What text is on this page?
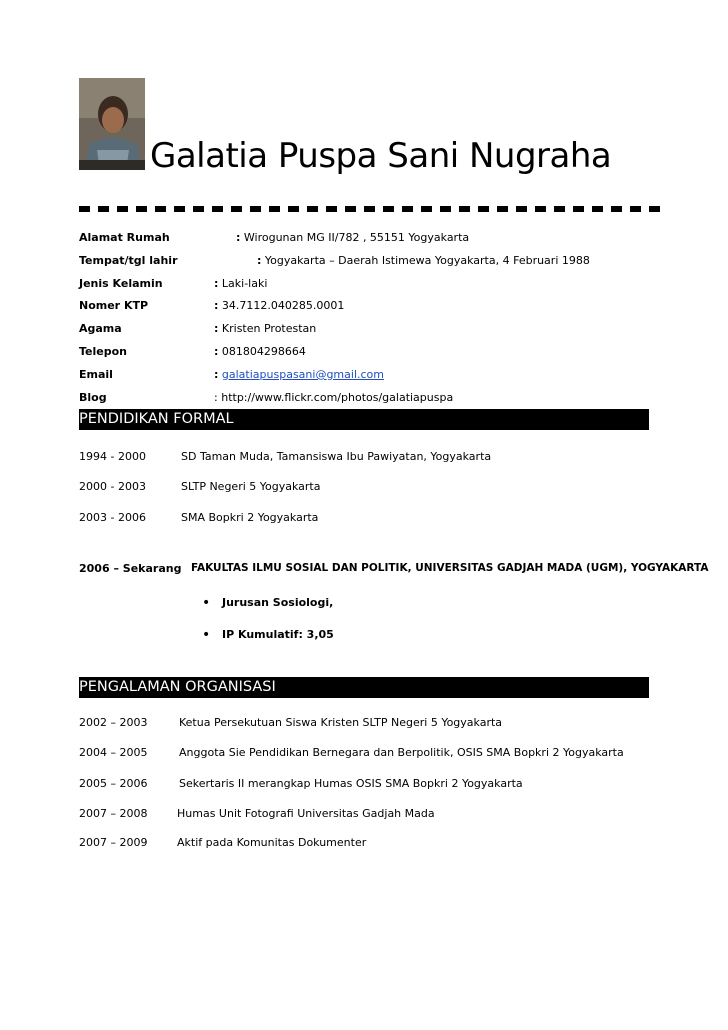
Galatia Puspa Sani Nugraha
Alamat Rumah	: Wirogunan MG II/782 , 55151 Yogyakarta
Tempat/tgl lahir	: Yogyakarta – Daerah Istimewa Yogyakarta, 4 Februari 1988
Jenis Kelamin	: Laki-laki
Nomer KTP	: 34.7112.040285.0001
Agama	: Kristen Protestan
Telepon	: 081804298664
Email	: galatiapuspasani@gmail.com
Blog	: http://www.flickr.com/photos/galatiapuspa
PENDIDIKAN FORMAL
1994 - 2000	SD Taman Muda, Tamansiswa Ibu Pawiyatan, Yogyakarta
2000 - 2003	SLTP Negeri 5 Yogyakarta
2003 - 2006	SMA Bopkri 2 Yogyakarta
2006 – Sekarang FAKULTAS ILMU SOSIAL DAN POLITIK, UNIVERSITAS GADJAH MADA (UGM), YOGYAKARTA
• Jurusan Sosiologi,
• IP Kumulatif: 3,05
PENGALAMAN ORGANISASI
2002 – 2003	Ketua Persekutuan Siswa Kristen SLTP Negeri 5 Yogyakarta
2004 – 2005	Anggota Sie Pendidikan Bernegara dan Berpolitik, OSIS SMA Bopkri 2 Yogyakarta
2005 – 2006	Sekertaris II merangkap Humas OSIS SMA Bopkri 2 Yogyakarta
2007 – 2008	Humas Unit Fotografi Universitas Gadjah Mada
2007 – 2009	Aktif pada Komunitas Dokumenter
